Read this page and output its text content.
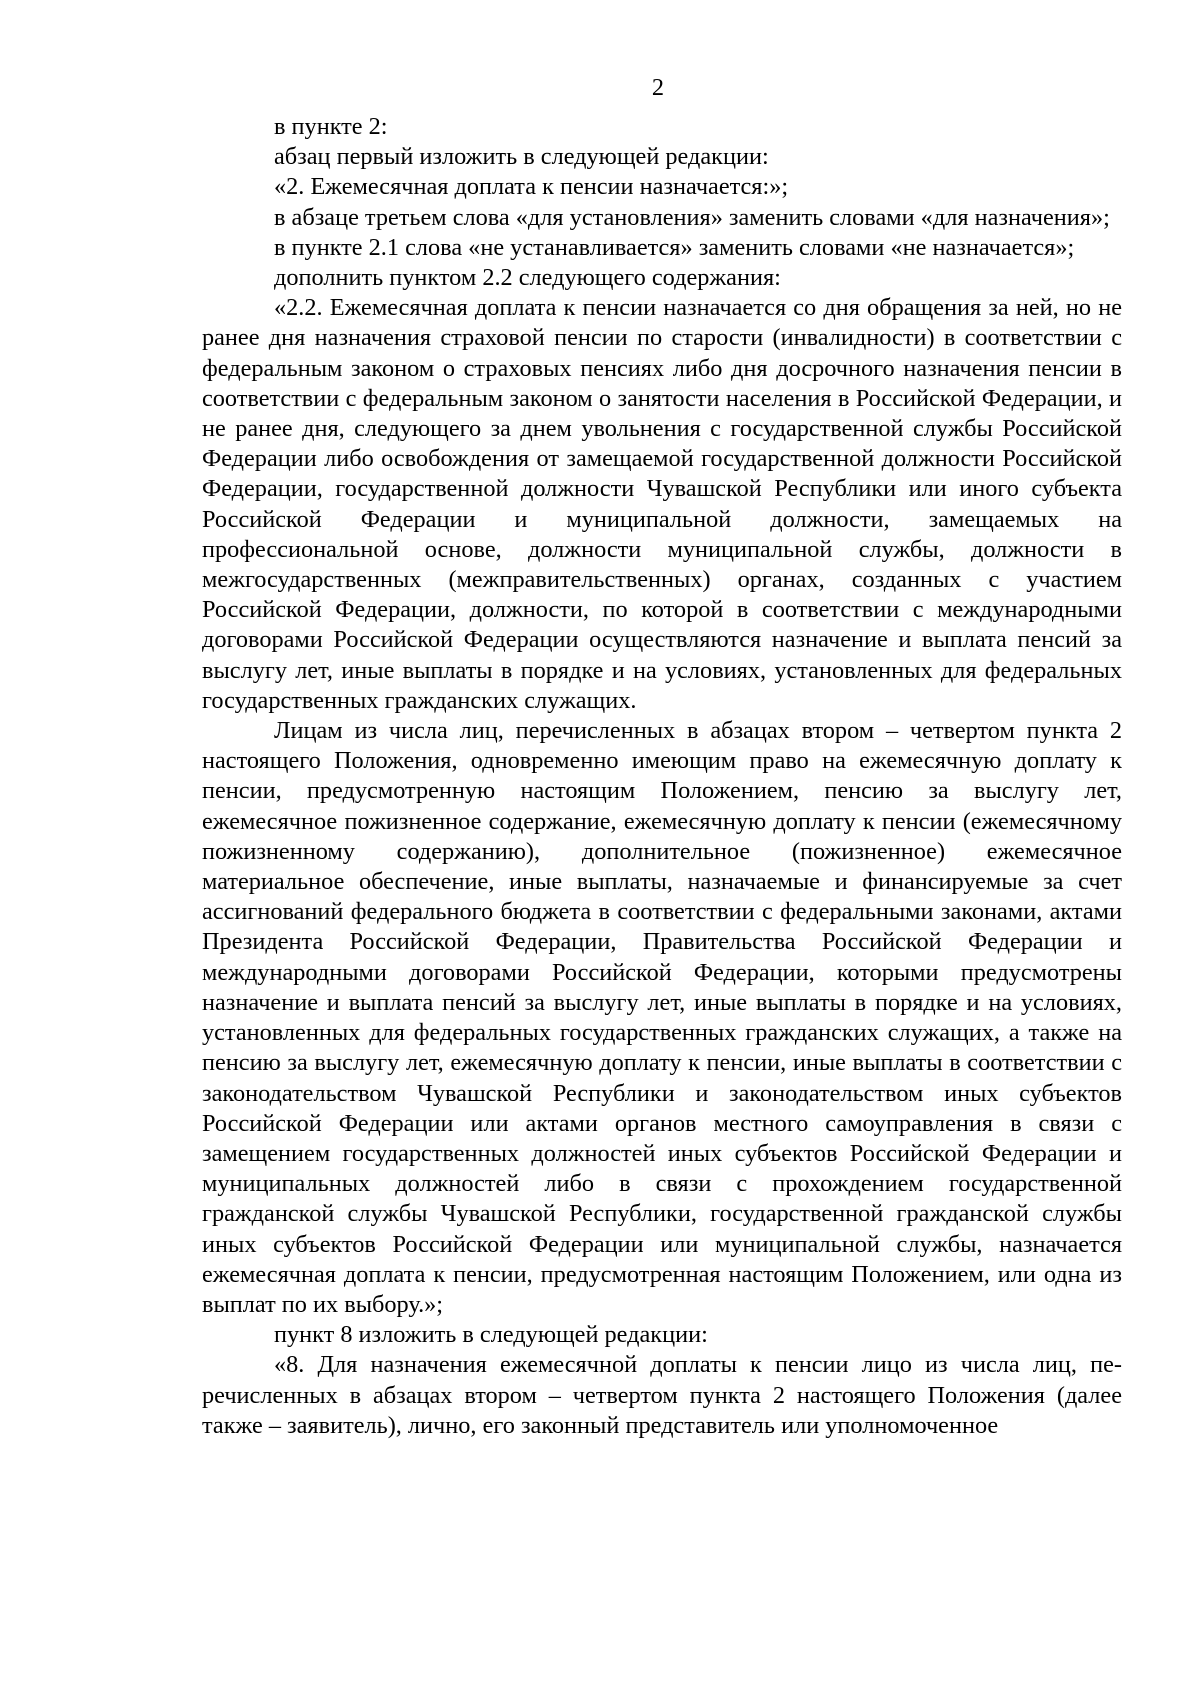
2

в пункте 2:

абзац первый изложить в следующей редакции:

«2. Ежемесячная доплата к пенсии назначается:»;

в абзаце третьем слова «для установления» заменить словами «для назначения»;

в пункте 2.1 слова «не устанавливается» заменить словами «не назначается»;

дополнить пунктом 2.2 следующего содержания:

«2.2. Ежемесячная доплата к пенсии назначается со дня обращения за ней, но не ранее дня назначения страховой пенсии по старости (инвалидности) в соответствии с федеральным законом о страховых пенсиях либо дня досрочного назначения пенсии в соответствии с федеральным законом о занятости населения в Российской Федерации, и не ранее дня, следующего за днем увольнения с государственной службы Российской Федерации либо освобождения от замещаемой государственной должности Российской Федерации, государственной должности Чувашской Республики или иного субъекта Российской Федерации и муниципальной должности, замещаемых на профессиональной основе, должности муниципальной службы, должности в межгосударственных (межправительственных) органах, созданных с участием Российской Федерации, должности, по которой в соответствии с международными договорами Российской Федерации осуществляются назначение и выплата пенсий за выслугу лет, иные выплаты в порядке и на условиях, установленных для федеральных государственных гражданских служащих.

Лицам из числа лиц, перечисленных в абзацах втором – четвертом пункта 2 настоящего Положения, одновременно имеющим право на ежемесячную доплату к пенсии, предусмотренную настоящим Положением, пенсию за выслугу лет, ежемесячное пожизненное содержание, ежемесячную доплату к пенсии (ежемесячному пожизненному содержанию), дополнительное (пожизненное) ежемесячное материальное обеспечение, иные выплаты, назначаемые и финансируемые за счет ассигнований федерального бюджета в соответствии с федеральными законами, актами Президента Российской Федерации, Правительства Российской Федерации и международными договорами Российской Федерации, которыми предусмотрены назначение и выплата пенсий за выслугу лет, иные выплаты в порядке и на условиях, установленных для федеральных государственных гражданских служащих, а также на пенсию за выслугу лет, ежемесячную доплату к пенсии, иные выплаты в соответствии с законодательством Чувашской Республики и законодательством иных субъектов Российской Федерации или актами органов местного самоуправления в связи с замещением государственных должностей иных субъектов Российской Федерации и муниципальных должностей либо в связи с прохождением государственной гражданской службы Чувашской Республики, государственной гражданской службы иных субъектов Российской Федерации или муниципальной службы, назначается ежемесячная доплата к пенсии, предусмотренная настоящим Положением, или одна из выплат по их выбору.»;

пункт 8 изложить в следующей редакции:

«8. Для назначения ежемесячной доплаты к пенсии лицо из числа лиц, перечисленных в абзацах втором – четвертом пункта 2 настоящего Положения (далее также – заявитель), лично, его законный представитель или уполномоченное
